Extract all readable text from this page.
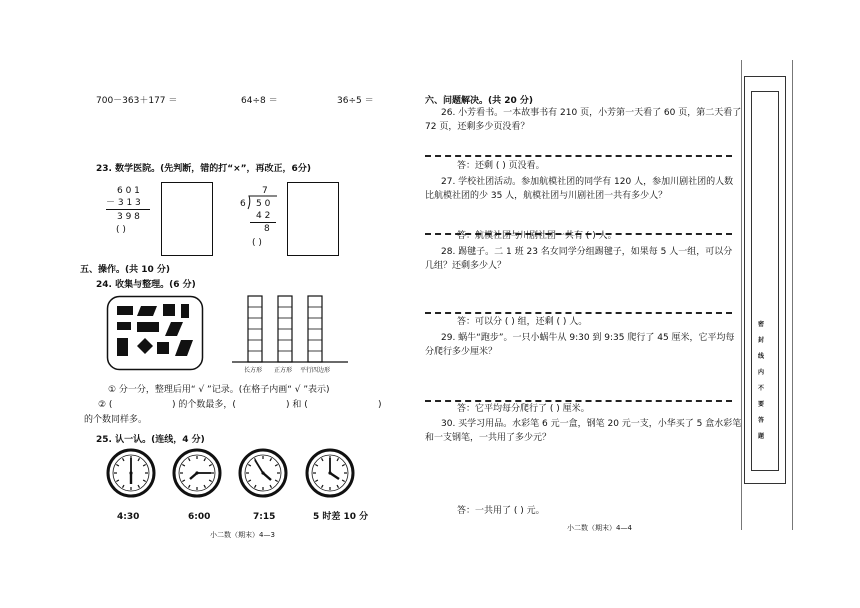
700－363＋177 ＝	64÷8 ＝	36÷5 ＝
23. 数学医院。(先判断，错的打“×”，再改正，6分)
6 0 1
－ 3 1 3
3 9 8
( )
7
6 5 0
4 2
8
( )
五、操作。(共 10 分)
24. 收集与整理。(6 分)
长方形 正方形 平行四边形
① 分一分，整理后用“ √ ”记录。(在格子内画“ √ ”表示)
② (	) 的个数最多，(	) 和 (	)
的个数同样多。
25. 认一认。(连线，4 分)
4:30	6:00	7:15	5 时差 10 分
小二数（期末）4—3
六、问题解决。(共 20 分)
26. 小芳看书。一本故事书有 210 页，小芳第一天看了 60 页，第二天看了
72 页，还剩多少页没看？
答：还剩 ( ) 页没看。
27. 学校社团活动。参加航模社团的同学有 120 人，参加川剧社团的人数
比航模社团的少 35 人，航模社团与川剧社团一共有多少人？
答：航模社团与川剧社团一共有 ( ) 人。
28. 踢毽子。二 1 班 23 名女同学分组踢毽子，如果每 5 人一组，可以分
几组？还剩多少人？
答：可以分 ( ) 组，还剩 ( ) 人。
29. 蜗牛“跑步”。一只小蜗牛从 9:30 到 9:35 爬行了 45 厘米，它平均每
分爬行多少厘米？
答：它平均每分爬行了 ( ) 厘米。
30. 买学习用品。水彩笔 6 元一盒，钢笔 20 元一支，小华买了 5 盒水彩笔
和一支钢笔，一共用了多少元？
答：一共用了 ( ) 元。
小二数（期末）4—4
密
封
线
内
不
要
答
题
